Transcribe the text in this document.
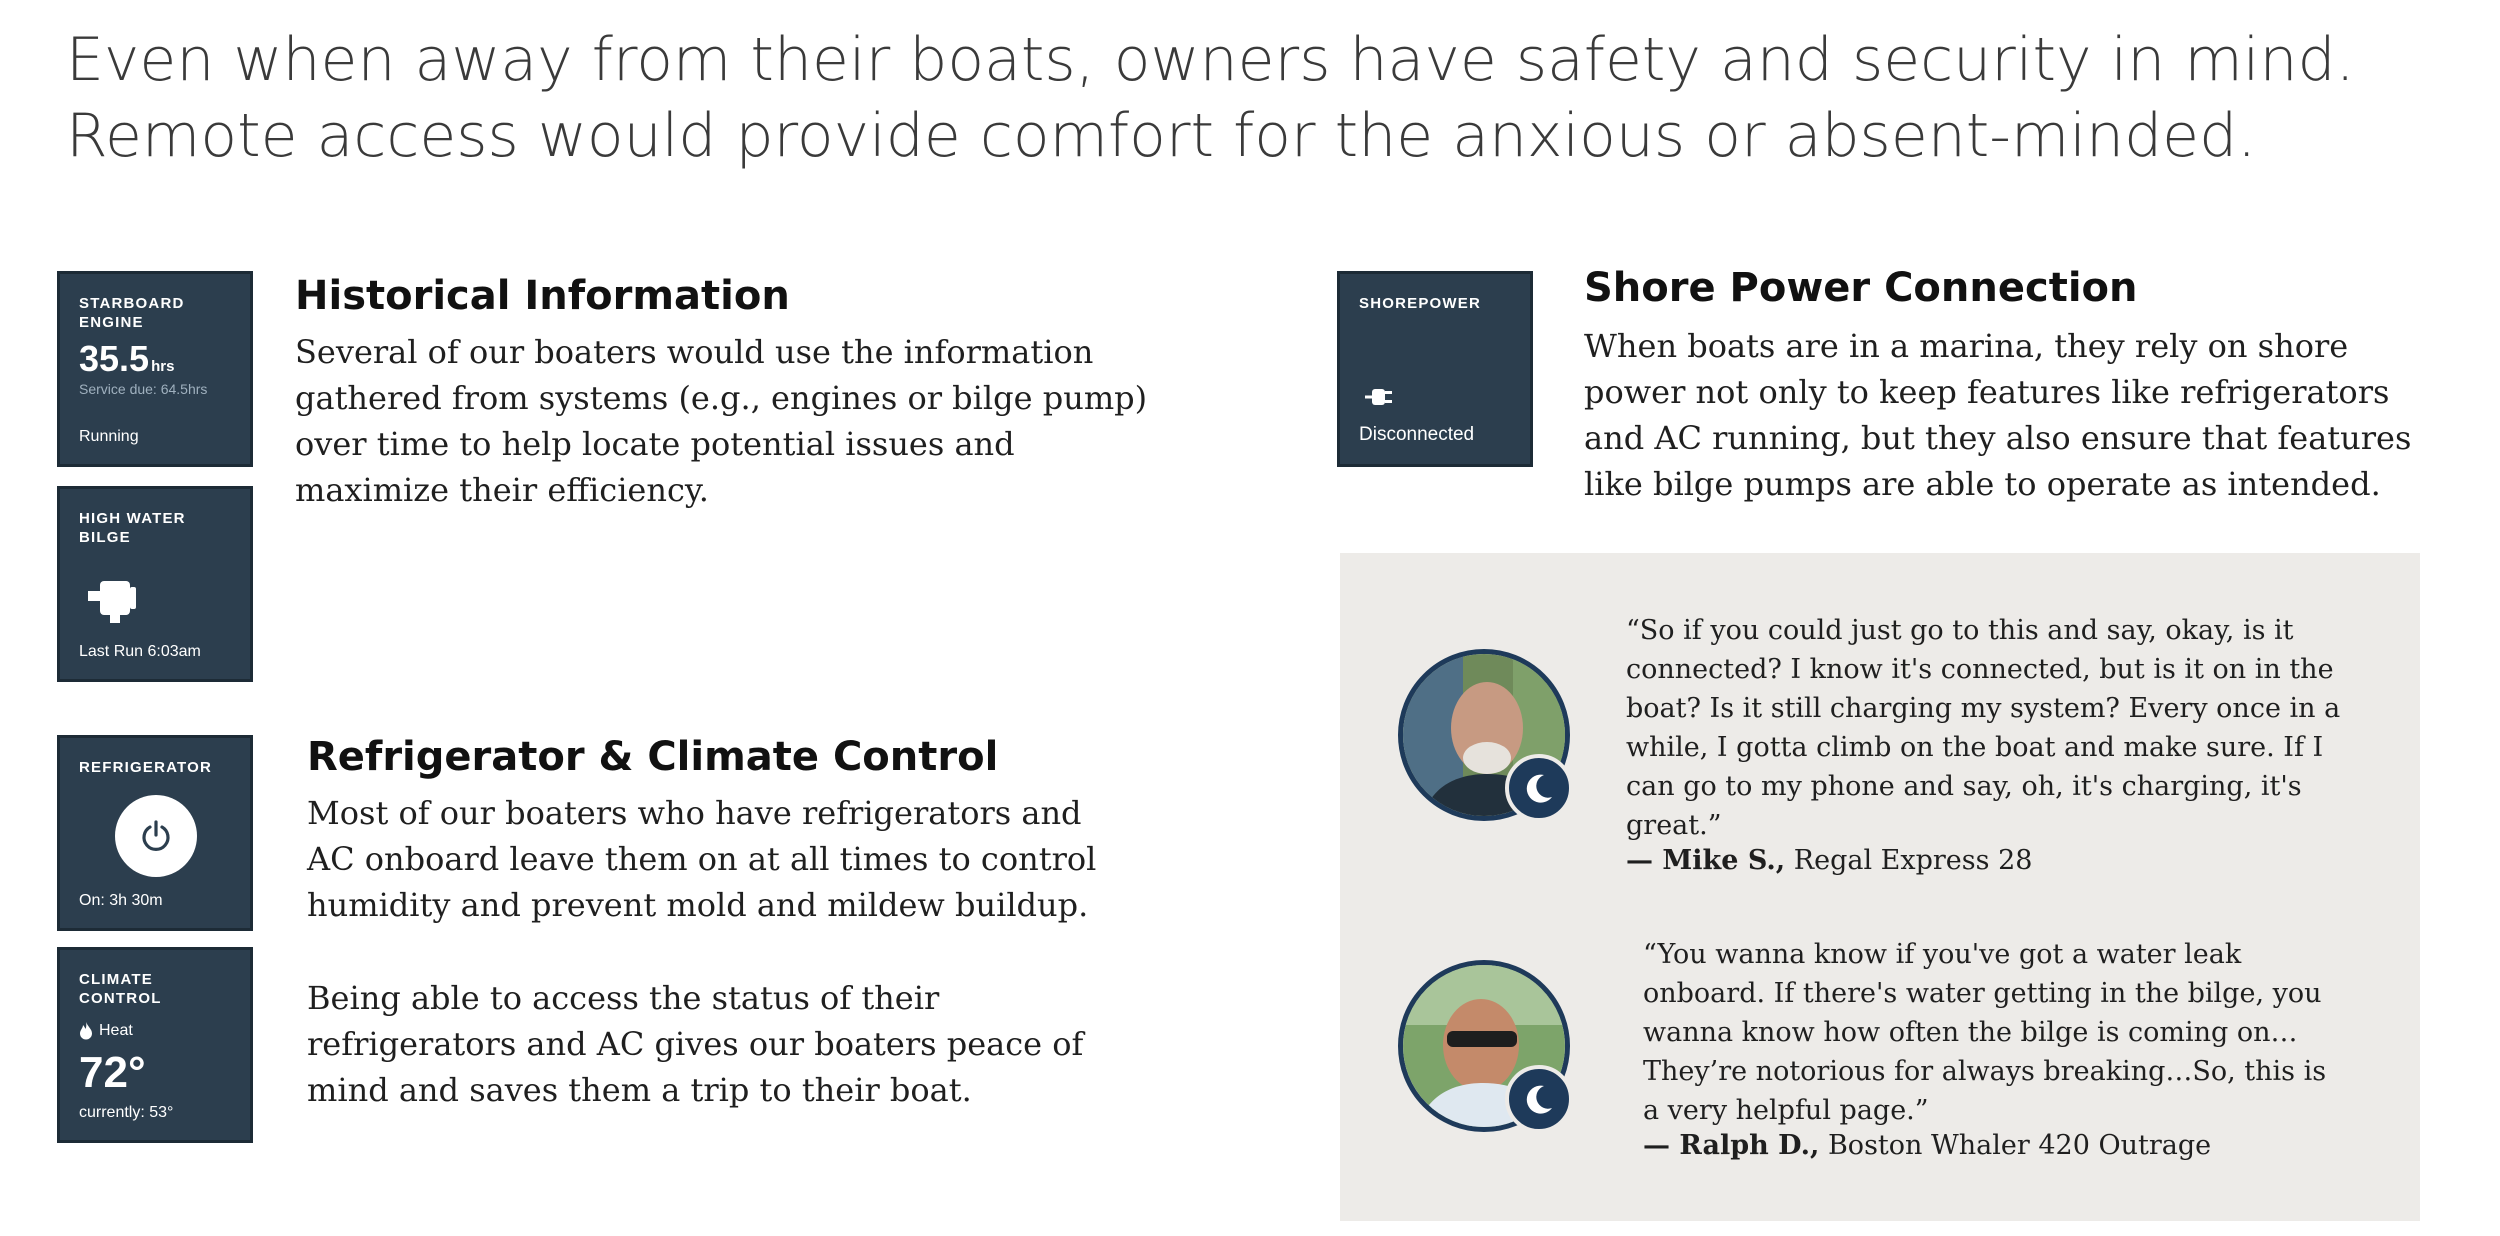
Even when away from their boats, owners have safety and security in mind.
Remote access would provide comfort for the anxious or absent-minded.
STARBOARD ENGINE
35.5 hrs
Service due: 64.5hrs
Running
HIGH WATER BILGE
Last Run 6:03am
REFRIGERATOR
On: 3h 30m
CLIMATE CONTROL
Heat
72°
currently: 53°
SHOREPOWER
Disconnected
Historical Information
Several of our boaters would use the information
gathered from systems (e.g., engines or bilge pump)
over time to help locate potential issues and
maximize their efficiency.
Refrigerator & Climate Control
Most of our boaters who have refrigerators and
AC onboard leave them on at all times to control
humidity and prevent mold and mildew buildup.
Being able to access the status of their
refrigerators and AC gives our boaters peace of
mind and saves them a trip to their boat.
Shore Power Connection
When boats are in a marina, they rely on shore
power not only to keep features like refrigerators
and AC running, but they also ensure that features
like bilge pumps are able to operate as intended.
“So if you could just go to this and say, okay, is it
connected? I know it's connected, but is it on in the
boat? Is it still charging my system? Every once in a
while, I gotta climb on the boat and make sure. If I
can go to my phone and say, oh, it's charging, it's
great.”
— Mike S., Regal Express 28
“You wanna know if you've got a water leak
onboard. If there's water getting in the bilge, you
wanna know how often the bilge is coming on…
They’re notorious for always breaking…So, this is
a very helpful page.”
— Ralph D., Boston Whaler 420 Outrage
